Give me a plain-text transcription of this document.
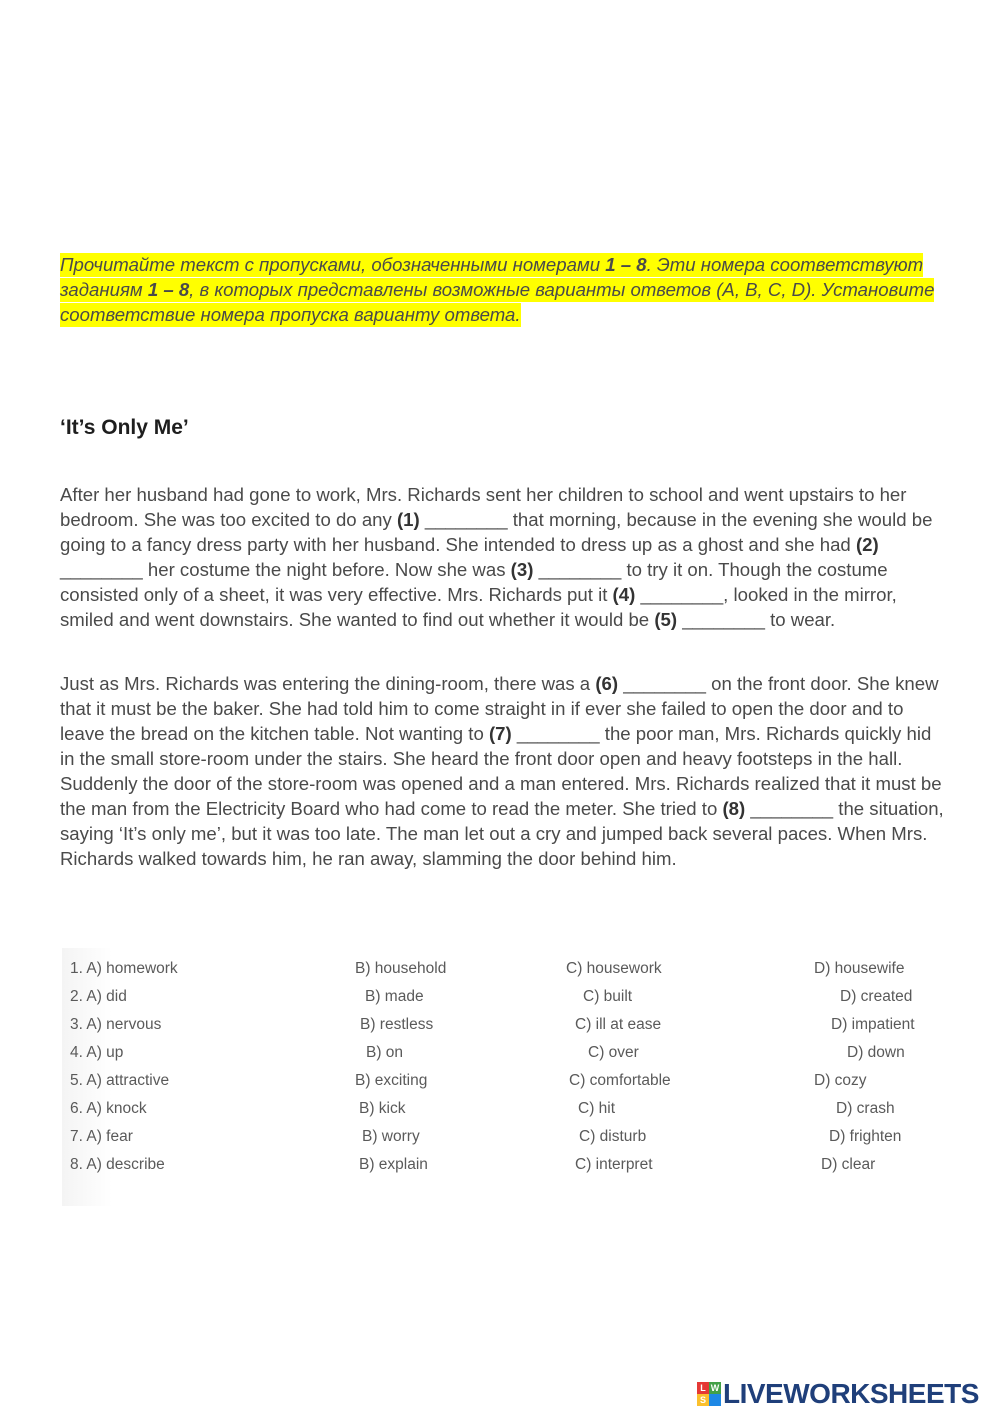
Прочитайте текст с пропусками, обозначенными номерами 1 – 8. Эти номера соответствуют заданиям 1 – 8, в которых представлены возможные варианты ответов (A, B, C, D). Установите соответствие номера пропуска варианту ответа.

‘It’s Only Me’

After her husband had gone to work, Mrs. Richards sent her children to school and went upstairs to her bedroom. She was too excited to do any (1) ________ that morning, because in the evening she would be going to a fancy dress party with her husband. She intended to dress up as a ghost and she had (2) ________ her costume the night before. Now she was (3) ________ to try it on. Though the costume consisted only of a sheet, it was very effective. Mrs. Richards put it (4) ________, looked in the mirror, smiled and went downstairs. She wanted to find out whether it would be (5) ________ to wear.

Just as Mrs. Richards was entering the dining-room, there was a (6) ________ on the front door. She knew that it must be the baker. She had told him to come straight in if ever she failed to open the door and to leave the bread on the kitchen table. Not wanting to (7) ________ the poor man, Mrs. Richards quickly hid in the small store-room under the stairs. She heard the front door open and heavy footsteps in the hall. Suddenly the door of the store-room was opened and a man entered. Mrs. Richards realized that it must be the man from the Electricity Board who had come to read the meter. She tried to (8) ________ the situation, saying ‘It’s only me’, but it was too late. The man let out a cry and jumped back several paces. When Mrs. Richards walked towards him, he ran away, slamming the door behind him.

1. A) homework	B) household	C) housework	D) housewife
2. A) did	B) made	C) built	D) created
3. A) nervous	B) restless	C) ill at ease	D) impatient
4. A) up	B) on	C) over	D) down
5. A) attractive	B) exciting	C) comfortable	D) cozy
6. A) knock	B) kick	C) hit	D) crash
7. A) fear	B) worry	C) disturb	D) frighten
8. A) describe	B) explain	C) interpret	D) clear
L W
S LIVEWORKSHEETS
